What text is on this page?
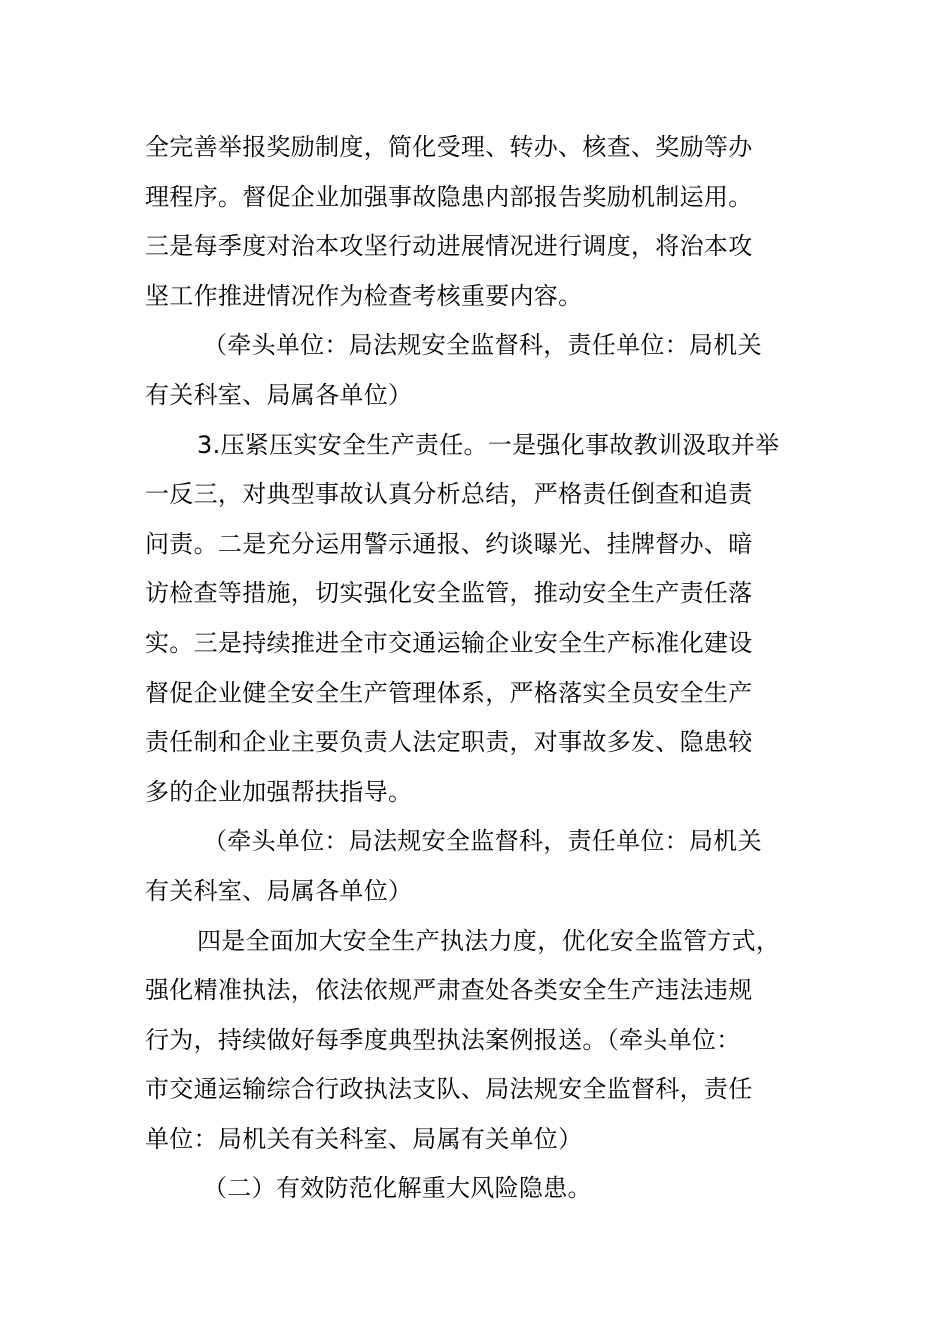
全完善举报奖励制度，简化受理、转办、核查、奖励等办
理程序。督促企业加强事故隐患内部报告奖励机制运用。
三是每季度对治本攻坚行动进展情况进行调度，将治本攻
坚工作推进情况作为检查考核重要内容。

（牵头单位：局法规安全监督科，责任单位：局机关
有关科室、局属各单位）

3.压紧压实安全生产责任。一是强化事故教训汲取并举
一反三，对典型事故认真分析总结，严格责任倒查和追责
问责。二是充分运用警示通报、约谈曝光、挂牌督办、暗
访检查等措施，切实强化安全监管，推动安全生产责任落
实。三是持续推进全市交通运输企业安全生产标准化建设
督促企业健全安全生产管理体系，严格落实全员安全生产
责任制和企业主要负责人法定职责，对事故多发、隐患较
多的企业加强帮扶指导。

（牵头单位：局法规安全监督科，责任单位：局机关
有关科室、局属各单位）

四是全面加大安全生产执法力度，优化安全监管方式，
强化精准执法，依法依规严肃查处各类安全生产违法违规
行为，持续做好每季度典型执法案例报送。（牵头单位：
市交通运输综合行政执法支队、局法规安全监督科，责任
单位：局机关有关科室、局属有关单位）

（二）有效防范化解重大风险隐患。
